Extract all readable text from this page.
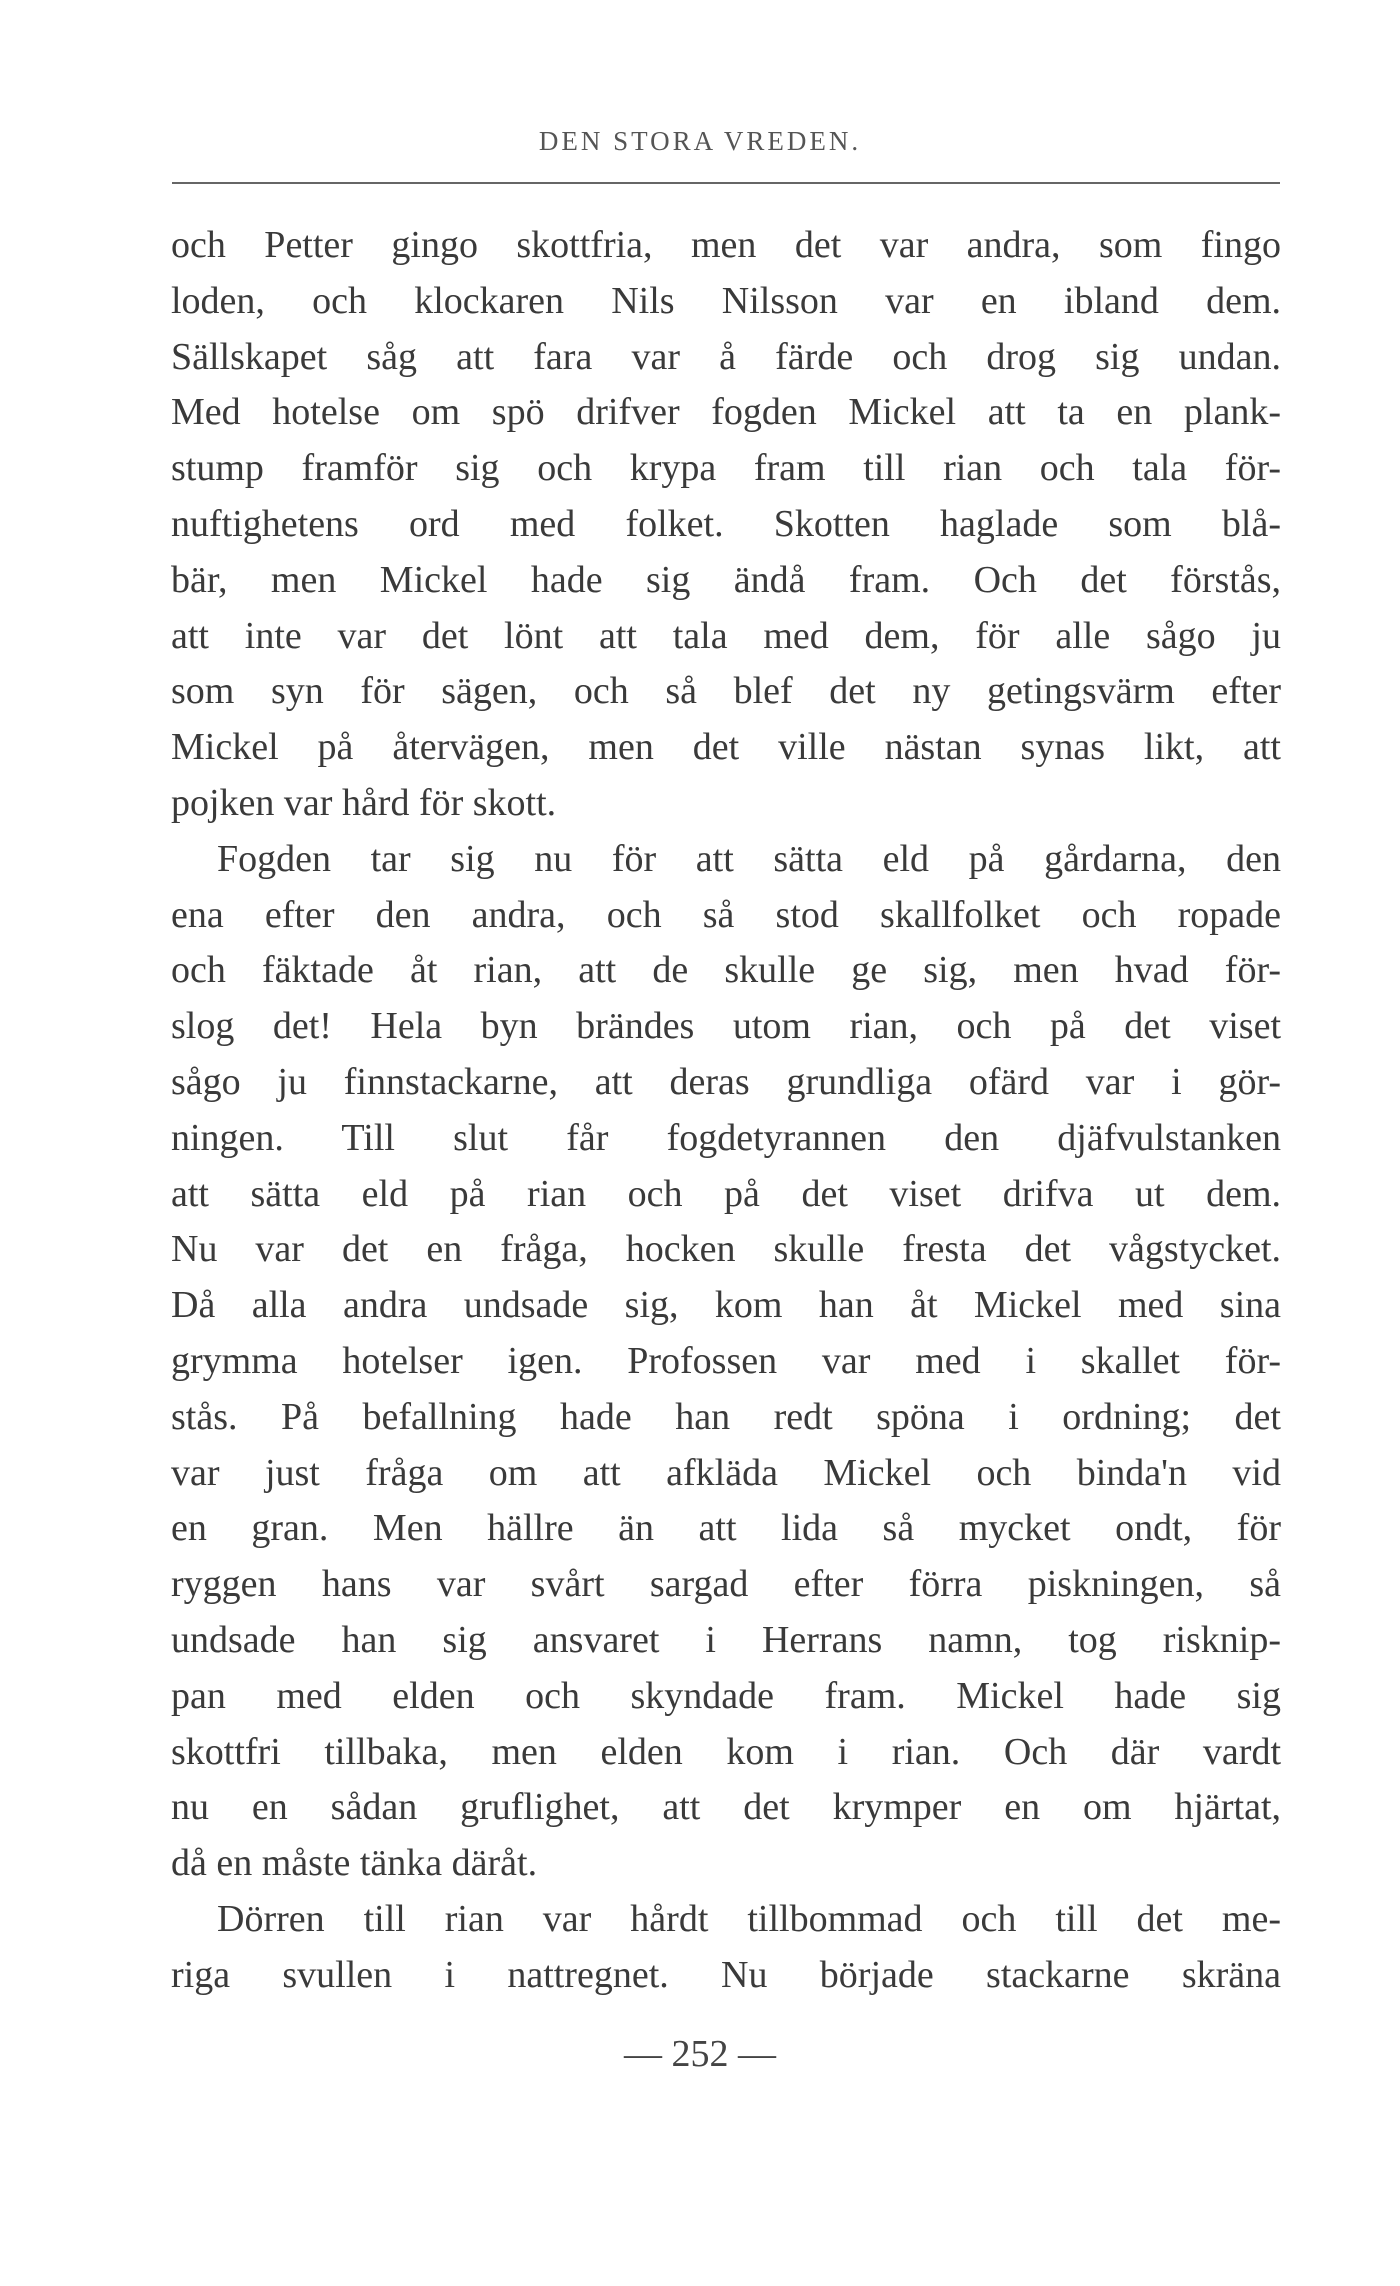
DEN STORA VREDEN.
och Petter gingo skottfria, men det var andra, som fingo
loden, och klockaren Nils Nilsson var en ibland dem.
Sällskapet såg att fara var å färde och drog sig undan.
Med hotelse om spö drifver fogden Mickel att ta en plank-
stump framför sig och krypa fram till rian och tala för-
nuftighetens ord med folket. Skotten haglade som blå-
bär, men Mickel hade sig ändå fram. Och det förstås,
att inte var det lönt att tala med dem, för alle sågo ju
som syn för sägen, och så blef det ny getingsvärm efter
Mickel på återvägen, men det ville nästan synas likt, att
pojken var hård för skott.
Fogden tar sig nu för att sätta eld på gårdarna, den
ena efter den andra, och så stod skallfolket och ropade
och fäktade åt rian, att de skulle ge sig, men hvad för-
slog det! Hela byn brändes utom rian, och på det viset
sågo ju finnstackarne, att deras grundliga ofärd var i gör-
ningen. Till slut får fogdetyrannen den djäfvulstanken
att sätta eld på rian och på det viset drifva ut dem.
Nu var det en fråga, hocken skulle fresta det vågstycket.
Då alla andra undsade sig, kom han åt Mickel med sina
grymma hotelser igen. Profossen var med i skallet för-
stås. På befallning hade han redt spöna i ordning; det
var just fråga om att afkläda Mickel och binda'n vid
en gran. Men hällre än att lida så mycket ondt, för
ryggen hans var svårt sargad efter förra piskningen, så
undsade han sig ansvaret i Herrans namn, tog risknip-
pan med elden och skyndade fram. Mickel hade sig
skottfri tillbaka, men elden kom i rian. Och där vardt
nu en sådan gruflighet, att det krymper en om hjärtat,
då en måste tänka däråt.
Dörren till rian var hårdt tillbommad och till det me-
riga svullen i nattregnet. Nu började stackarne skräna
— 252 —
